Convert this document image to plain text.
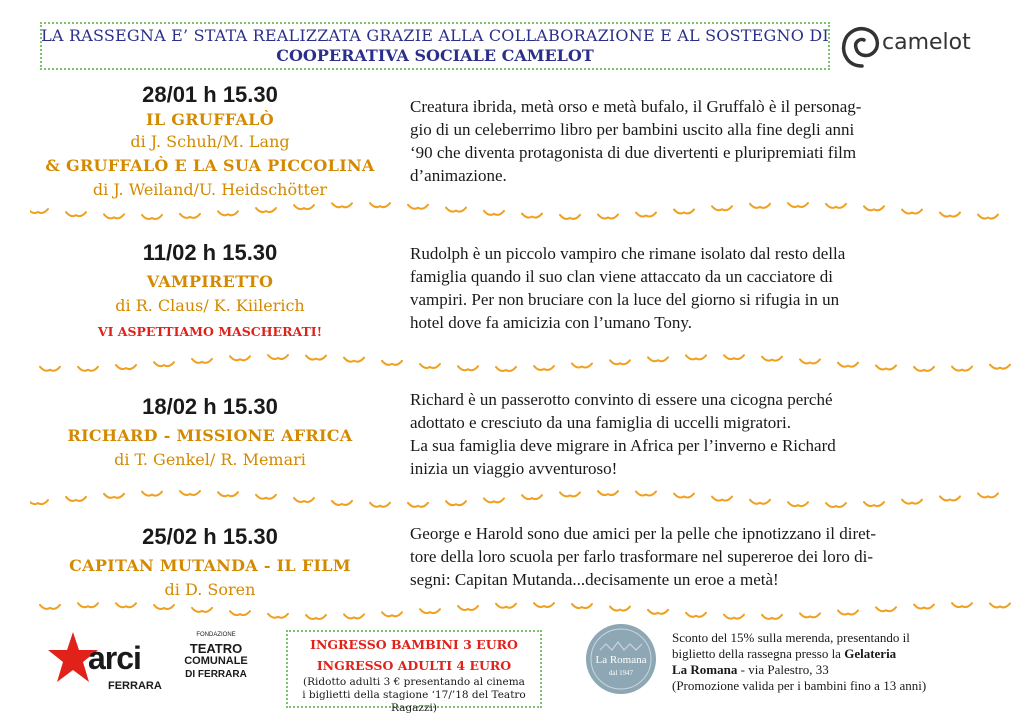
LA RASSEGNA E’ STATA REALIZZATA GRAZIE ALLA COLLABORAZIONE E AL SOSTEGNO DI
COOPERATIVA SOCIALE CAMELOT
camelot
28/01 h 15.30
IL GRUFFALÒ
di J. Schuh/M. Lang
& GRUFFALÒ E LA SUA PICCOLINA
di J. Weiland/U. Heidschötter
Creatura ibrida, metà orso e metà bufalo, il Gruffalò è il personag-
gio di un celeberrimo libro per bambini uscito alla fine degli anni
‘90 che diventa protagonista di due divertenti e pluripremiati film
d’animazione.
11/02 h 15.30
VAMPIRETTO
di R. Claus/ K. Kiilerich
VI ASPETTIAMO MASCHERATI!
Rudolph è un piccolo vampiro che rimane isolato dal resto della
famiglia quando il suo clan viene attaccato da un cacciatore di
vampiri. Per non bruciare con la luce del giorno si rifugia in un
hotel dove fa amicizia con l’umano Tony.
18/02 h 15.30
RICHARD - MISSIONE AFRICA
di T. Genkel/ R. Memari
Richard è un passerotto convinto di essere una cicogna perché
adottato e cresciuto da una famiglia di uccelli migratori.
La sua famiglia deve migrare in Africa per l’inverno e Richard
inizia un viaggio avventuroso!
25/02 h 15.30
CAPITAN MUTANDA - IL FILM
di D. Soren
George e Harold sono due amici per la pelle che ipnotizzano il diret-
tore della loro scuola per farlo trasformare nel supereroe dei loro di-
segni: Capitan Mutanda...decisamente un eroe a metà!
arci
FERRARA
FONDAZIONE
TEATRO
COMUNALE
DI FERRARA
INGRESSO BAMBINI 3 EURO
INGRESSO ADULTI 4 EURO
(Ridotto adulti 3 € presentando al cinema
i biglietti della stagione ‘17/’18 del Teatro Ragazzi)
La Romana
dal 1947
Sconto del 15% sulla merenda, presentando il
biglietto della rassegna presso la Gelateria
La Romana - via Palestro, 33
(Promozione valida per i bambini fino a 13 anni)
